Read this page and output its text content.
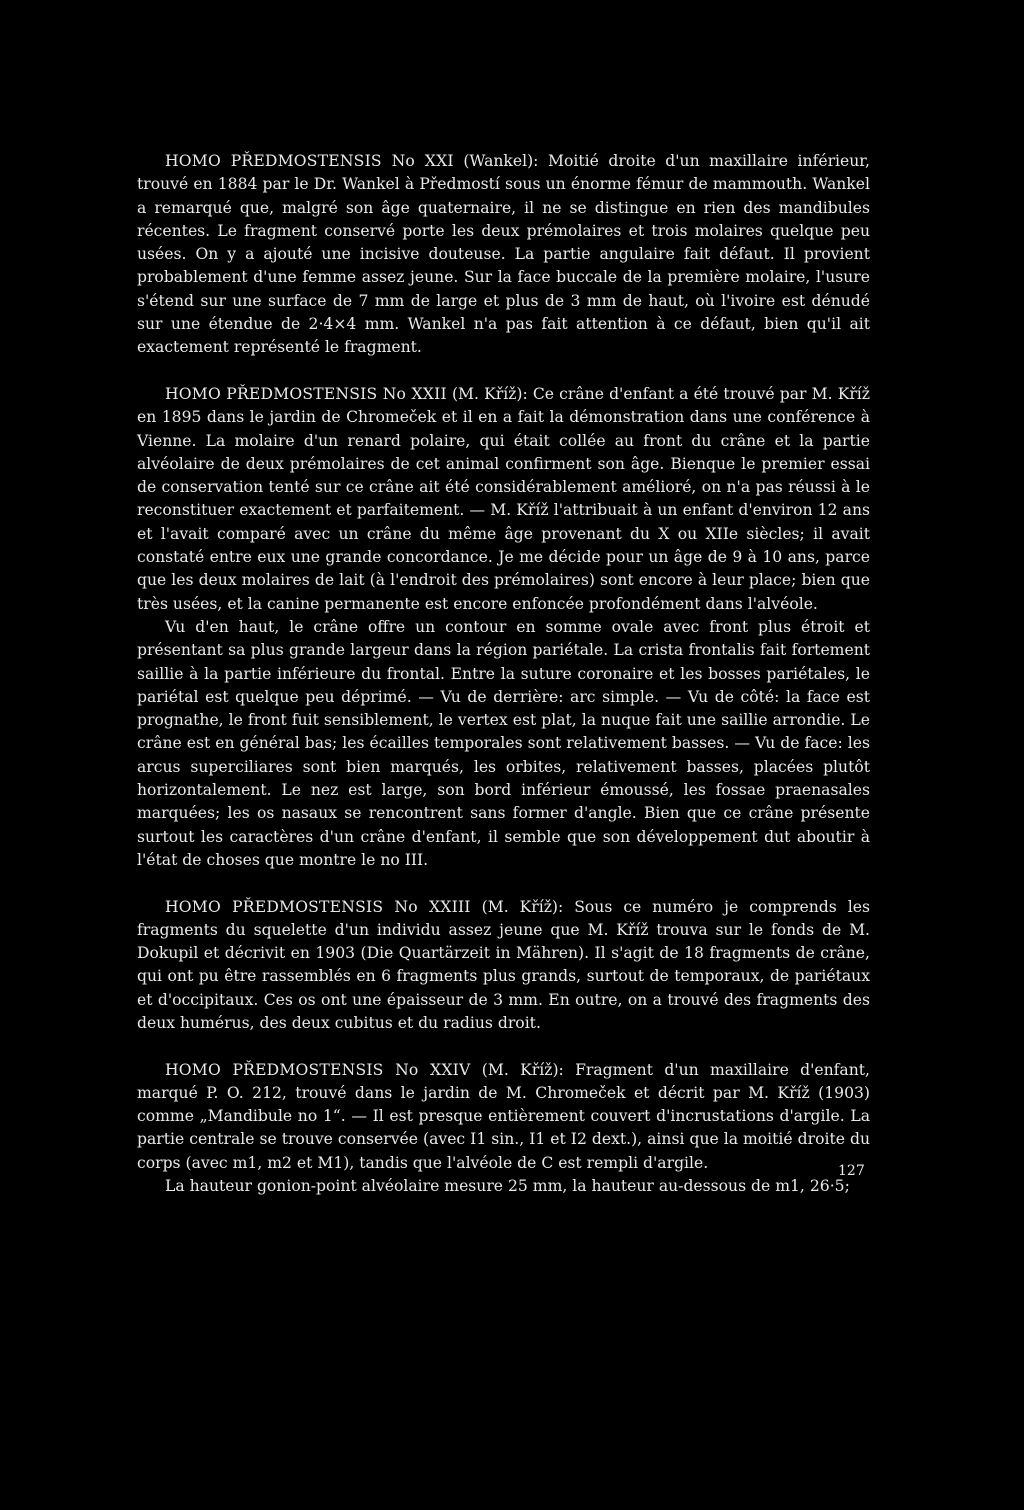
HOMO PŘEDMOSTENSIS No XXI (Wankel): Moitié droite d'un maxillaire inférieur, trouvé en 1884 par le Dr. Wankel à Předmostí sous un énorme fémur de mammouth. Wankel a remarqué que, malgré son âge quaternaire, il ne se distingue en rien des mandibules récentes. Le fragment conservé porte les deux prémolaires et trois molaires quelque peu usées. On y a ajouté une incisive douteuse. La partie angulaire fait défaut. Il provient probablement d'une femme assez jeune. Sur la face buccale de la première molaire, l'usure s'étend sur une surface de 7 mm de large et plus de 3 mm de haut, où l'ivoire est dénudé sur une étendue de 2·4×4 mm. Wankel n'a pas fait attention à ce défaut, bien qu'il ait exactement représenté le fragment.

HOMO PŘEDMOSTENSIS No XXII (M. Kříž): Ce crâne d'enfant a été trouvé par M. Kříž en 1895 dans le jardin de Chromeček et il en a fait la démonstration dans une conférence à Vienne. La molaire d'un renard polaire, qui était collée au front du crâne et la partie alvéolaire de deux prémolaires de cet animal confirment son âge. Bienque le premier essai de conservation tenté sur ce crâne ait été considérablement amélioré, on n'a pas réussi à le reconstituer exactement et parfaitement. — M. Kříž l'attribuait à un enfant d'environ 12 ans et l'avait comparé avec un crâne du même âge provenant du X ou XIIe siècles; il avait constaté entre eux une grande concordance. Je me décide pour un âge de 9 à 10 ans, parce que les deux molaires de lait (à l'endroit des prémolaires) sont encore à leur place; bien que très usées, et la canine permanente est encore enfoncée profondément dans l'alvéole.

Vu d'en haut, le crâne offre un contour en somme ovale avec front plus étroit et présentant sa plus grande largeur dans la région pariétale. La crista frontalis fait fortement saillie à la partie inférieure du frontal. Entre la suture coronaire et les bosses pariétales, le pariétal est quelque peu déprimé. — Vu de derrière: arc simple. — Vu de côté: la face est prognathe, le front fuit sensiblement, le vertex est plat, la nuque fait une saillie arrondie. Le crâne est en général bas; les écailles temporales sont relativement basses. — Vu de face: les arcus superciliares sont bien marqués, les orbites, relativement basses, placées plutôt horizontalement. Le nez est large, son bord inférieur émoussé, les fossae praenasales marquées; les os nasaux se rencontrent sans former d'angle. Bien que ce crâne présente surtout les caractères d'un crâne d'enfant, il semble que son développement dut aboutir à l'état de choses que montre le no III.

HOMO PŘEDMOSTENSIS No XXIII (M. Kříž): Sous ce numéro je comprends les fragments du squelette d'un individu assez jeune que M. Kříž trouva sur le fonds de M. Dokupil et décrivit en 1903 (Die Quartärzeit in Mähren). Il s'agit de 18 fragments de crâne, qui ont pu être rassemblés en 6 fragments plus grands, surtout de temporaux, de pariétaux et d'occipitaux. Ces os ont une épaisseur de 3 mm. En outre, on a trouvé des fragments des deux humérus, des deux cubitus et du radius droit.

HOMO PŘEDMOSTENSIS No XXIV (M. Kříž): Fragment d'un maxillaire d'enfant, marqué P. O. 212, trouvé dans le jardin de M. Chromeček et décrit par M. Kříž (1903) comme „Mandibule no 1“. — Il est presque entièrement couvert d'incrustations d'argile. La partie centrale se trouve conservée (avec I1 sin., I1 et I2 dext.), ainsi que la moitié droite du corps (avec m1, m2 et M1), tandis que l'alvéole de C est rempli d'argile.

La hauteur gonion-point alvéolaire mesure 25 mm, la hauteur au-dessous de m1, 26·5;

127
